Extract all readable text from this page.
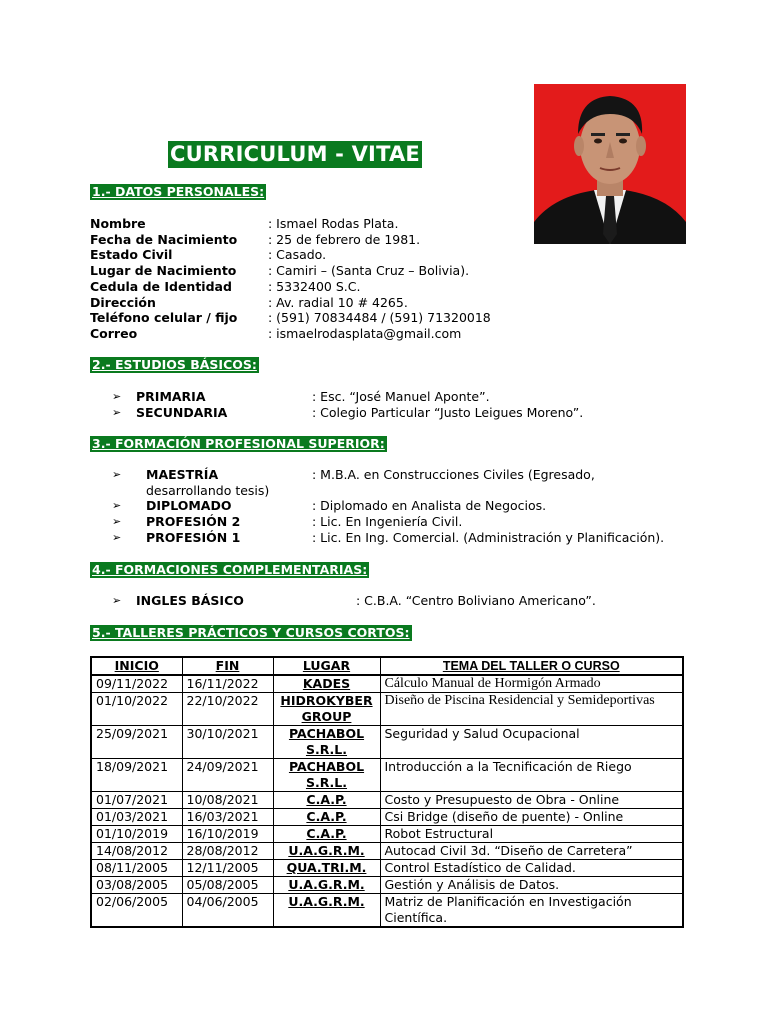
CURRICULUM - VITAE
1.- DATOS PERSONALES:
Nombre	: Ismael Rodas Plata.
Fecha de Nacimiento : 25 de febrero de 1981.
Estado Civil	: Casado.
Lugar de Nacimiento	: Camiri – (Santa Cruz – Bolivia).
Cedula de Identidad	: 5332400 S.C.
Dirección	: Av. radial 10 # 4265.
Teléfono celular / fijo : (591) 70834484 / (591) 71320018
Correo	: ismaelrodasplata@gmail.com
2.- ESTUDIOS BÁSICOS:
➢ PRIMARIA	: Esc. “José Manuel Aponte”.
➢ SECUNDARIA	: Colegio Particular “Justo Leigues Moreno”.
3.- FORMACIÓN PROFESIONAL SUPERIOR:
➢ MAESTRÍA	: M.B.A. en Construcciones Civiles (Egresado,
desarrollando tesis)
➢ DIPLOMADO	: Diplomado en Analista de Negocios.
➢ PROFESIÓN 2	: Lic. En Ingeniería Civil.
➢ PROFESIÓN 1	: Lic. En Ing. Comercial. (Administración y Planificación).
4.- FORMACIONES COMPLEMENTARIAS:
➢ INGLES BÁSICO	: C.B.A. “Centro Boliviano Americano”.
5.- TALLERES PRÁCTICOS Y CURSOS CORTOS:
INICIO	FIN	LUGAR	TEMA DEL TALLER O CURSO
09/11/2022	16/11/2022	KADES	Cálculo Manual de Hormigón Armado
01/10/2022	22/10/2022	HIDROKYBER GROUP	Diseño de Piscina Residencial y Semideportivas
25/09/2021	30/10/2021	PACHABOL S.R.L.	Seguridad y Salud Ocupacional
18/09/2021	24/09/2021	PACHABOL S.R.L.	Introducción a la Tecnificación de Riego
01/07/2021	10/08/2021	C.A.P.	Costo y Presupuesto de Obra - Online
01/03/2021	16/03/2021	C.A.P.	Csi Bridge (diseño de puente) - Online
01/10/2019	16/10/2019	C.A.P.	Robot Estructural
14/08/2012	28/08/2012	U.A.G.R.M.	Autocad Civil 3d. “Diseño de Carretera”
08/11/2005	12/11/2005	QUA.TRI.M.	Control Estadístico de Calidad.
03/08/2005	05/08/2005	U.A.G.R.M.	Gestión y Análisis de Datos.
02/06/2005	04/06/2005	U.A.G.R.M.	Matriz de Planificación en Investigación Científica.
